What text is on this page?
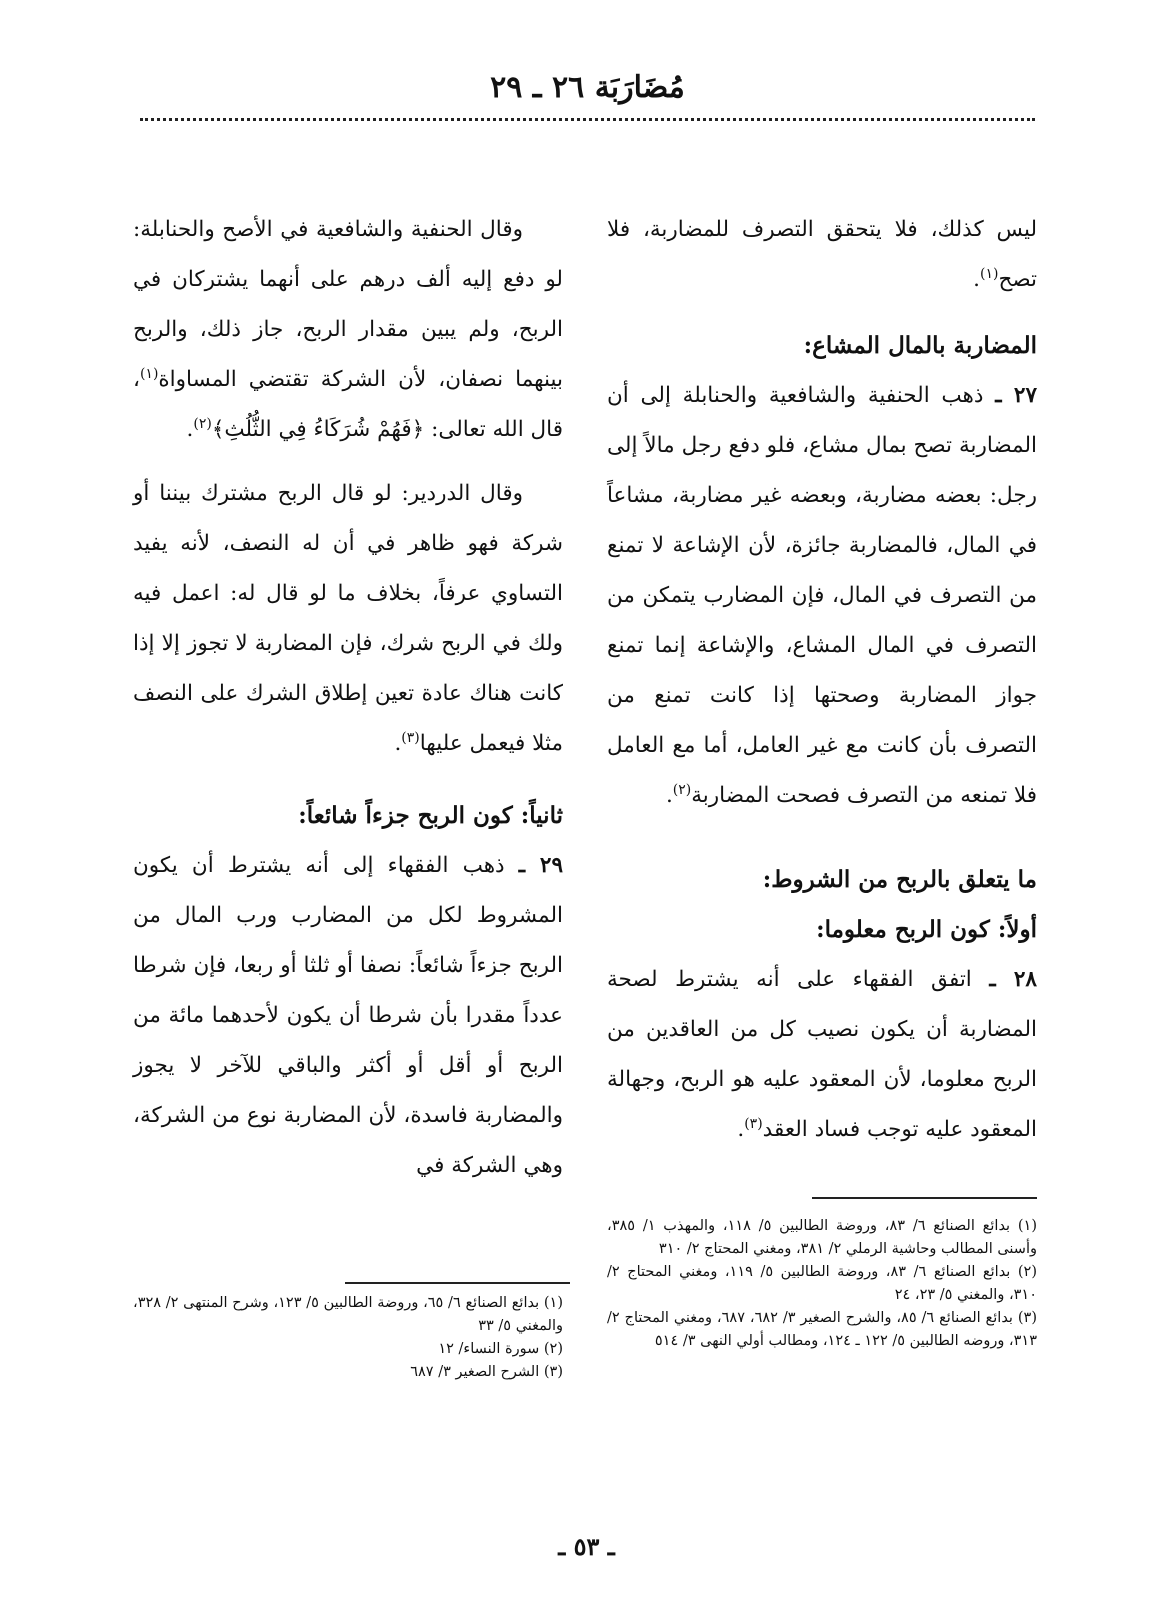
مُضَارَبَة ٢٦ ـ ٢٩

ليس كذلك، فلا يتحقق التصرف للمضاربة، فلا تصح$^{(١)}$.

المضاربة بالمال المشاع:

٢٧ ـ ذهب الحنفية والشافعية والحنابلة إلى أن المضاربة تصح بمال مشاع، فلو دفع رجل مالاً إلى رجل: بعضه مضاربة، وبعضه غير مضاربة، مشاعاً في المال، فالمضاربة جائزة، لأن الإشاعة لا تمنع من التصرف في المال، فإن المضارب يتمكن من التصرف في المال المشاع، والإشاعة إنما تمنع جواز المضاربة وصحتها إذا كانت تمنع من التصرف بأن كانت مع غير العامل، أما مع العامل فلا تمنعه من التصرف فصحت المضاربة$^{(٢)}$.

ما يتعلق بالربح من الشروط:
أولاً: كون الربح معلوما:

٢٨ ـ اتفق الفقهاء على أنه يشترط لصحة المضاربة أن يكون نصيب كل من العاقدين من الربح معلوما، لأن المعقود عليه هو الربح، وجهالة المعقود عليه توجب فساد العقد$^{(٣)}$.

وقال الحنفية والشافعية في الأصح والحنابلة: لو دفع إليه ألف درهم على أنهما يشتركان في الربح، ولم يبين مقدار الربح، جاز ذلك، والربح بينهما نصفان، لأن الشركة تقتضي المساواة$^{(١)}$، قال الله تعالى: ﴿فَهُمْ شُرَكَاءُ فِي الثُّلُثِ﴾$^{(٢)}$.

وقال الدردير: لو قال الربح مشترك بيننا أو شركة فهو ظاهر في أن له النصف، لأنه يفيد التساوي عرفاً، بخلاف ما لو قال له: اعمل فيه ولك في الربح شرك، فإن المضاربة لا تجوز إلا إذا كانت هناك عادة تعين إطلاق الشرك على النصف مثلا فيعمل عليها$^{(٣)}$.

ثانياً: كون الربح جزءاً شائعاً:

٢٩ ـ ذهب الفقهاء إلى أنه يشترط أن يكون المشروط لكل من المضارب ورب المال من الربح جزءاً شائعاً: نصفا أو ثلثا أو ربعا، فإن شرطا عدداً مقدرا بأن شرطا أن يكون لأحدهما مائة من الربح أو أقل أو أكثر والباقي للآخر لا يجوز والمضاربة فاسدة، لأن المضاربة نوع من الشركة، وهي الشركة في

(١) بدائع الصنائع ٦/ ٨٣، وروضة الطالبين ٥/ ١١٨، والمهذب ١/ ٣٨٥، وأسنى المطالب وحاشية الرملي ٢/ ٣٨١، ومغني المحتاج ٢/ ٣١٠

(٢) بدائع الصنائع ٦/ ٨٣، وروضة الطالبين ٥/ ١١٩، ومغني المحتاج ٢/ ٣١٠، والمغني ٥/ ٢٣، ٢٤

(٣) بدائع الصنائع ٦/ ٨٥، والشرح الصغير ٣/ ٦٨٢، ٦٨٧، ومغني المحتاج ٢/ ٣١٣، وروضه الطالبين ٥/ ١٢٢ ـ ١٢٤، ومطالب أولي النهى ٣/ ٥١٤

(١) بدائع الصنائع ٦/ ٦٥، وروضة الطالبين ٥/ ١٢٣، وشرح المنتهى ٢/ ٣٢٨، والمغني ٥/ ٣٣

(٢) سورة النساء/ ١٢

(٣) الشرح الصغير ٣/ ٦٨٧

ـ ٥٣ ـ
